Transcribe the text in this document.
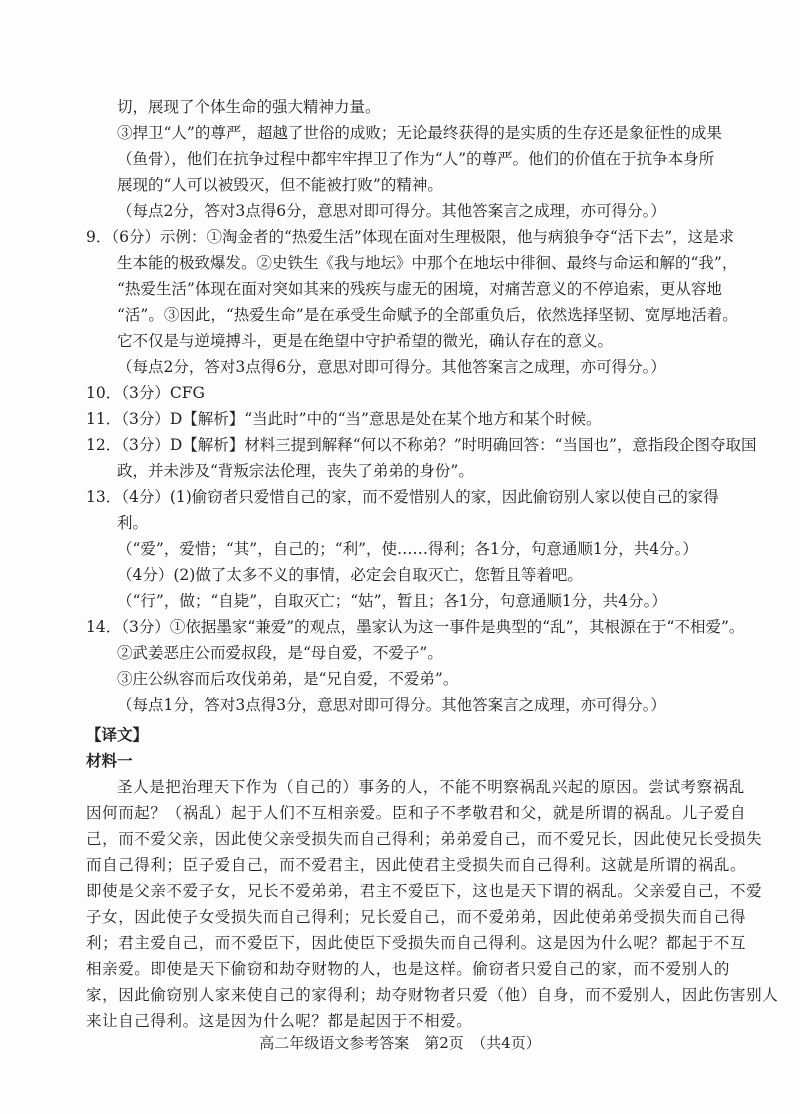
切，展现了个体生命的强大精神力量。
③捍卫“人”的尊严，超越了世俗的成败；无论最终获得的是实质的生存还是象征性的成果
（鱼骨），他们在抗争过程中都牢牢捍卫了作为“人”的尊严。他们的价值在于抗争本身所
展现的“人可以被毁灭，但不能被打败”的精神。
（每点2分，答对3点得6分，意思对即可得分。其他答案言之成理，亦可得分。）
9．（6分）示例：①淘金者的“热爱生活”体现在面对生理极限，他与病狼争夺“活下去”，这是求
生本能的极致爆发。②史铁生《我与地坛》中那个在地坛中徘徊、最终与命运和解的“我”，
“热爱生活”体现在面对突如其来的残疾与虚无的困境，对痛苦意义的不停追索，更从容地
“活”。③因此，“热爱生命”是在承受生命赋予的全部重负后，依然选择坚韧、宽厚地活着。
它不仅是与逆境搏斗，更是在绝望中守护希望的微光，确认存在的意义。
（每点2分，答对3点得6分，意思对即可得分。其他答案言之成理，亦可得分。）
10．（3分）CFG
11．（3分）D【解析】“当此时”中的“当”意思是处在某个地方和某个时候。
12．（3分）D【解析】材料三提到解释“何以不称弟？”时明确回答：“当国也”，意指段企图夺取国
政，并未涉及“背叛宗法伦理，丧失了弟弟的身份”。
13．（4分）(1)偷窃者只爱惜自己的家，而不爱惜别人的家，因此偷窃别人家以使自己的家得
利。
（“爱”，爱惜；“其”，自己的；“利”，使……得利；各1分，句意通顺1分，共4分。）
（4分）(2)做了太多不义的事情，必定会自取灭亡，您暂且等着吧。
（“行”，做；“自毙”，自取灭亡；“姑”，暂且；各1分，句意通顺1分，共4分。）
14．（3分）①依据墨家“兼爱”的观点，墨家认为这一事件是典型的“乱”，其根源在于“不相爱”。
②武姜恶庄公而爱叔段，是“母自爱，不爱子”。
③庄公纵容而后攻伐弟弟，是“兄自爱，不爱弟”。
（每点1分，答对3点得3分，意思对即可得分。其他答案言之成理，亦可得分。）
【译文】
材料一
圣人是把治理天下作为（自己的）事务的人，不能不明察祸乱兴起的原因。尝试考察祸乱
因何而起？（祸乱）起于人们不互相亲爱。臣和子不孝敬君和父，就是所谓的祸乱。儿子爱自
己，而不爱父亲，因此使父亲受损失而自己得利；弟弟爱自己，而不爱兄长，因此使兄长受损失
而自己得利；臣子爱自己，而不爱君主，因此使君主受损失而自己得利。这就是所谓的祸乱。
即使是父亲不爱子女，兄长不爱弟弟，君主不爱臣下，这也是天下谓的祸乱。父亲爱自己，不爱
子女，因此使子女受损失而自己得利；兄长爱自己，而不爱弟弟，因此使弟弟受损失而自己得
利；君主爱自己，而不爱臣下，因此使臣下受损失而自己得利。这是因为什么呢？都起于不互
相亲爱。即使是天下偷窃和劫夺财物的人，也是这样。偷窃者只爱自己的家，而不爱别人的
家，因此偷窃别人家来使自己的家得利；劫夺财物者只爱（他）自身，而不爱别人，因此伤害别人
来让自己得利。这是因为什么呢？都是起因于不相爱。
高二年级语文参考答案　第2页　（共4页）
